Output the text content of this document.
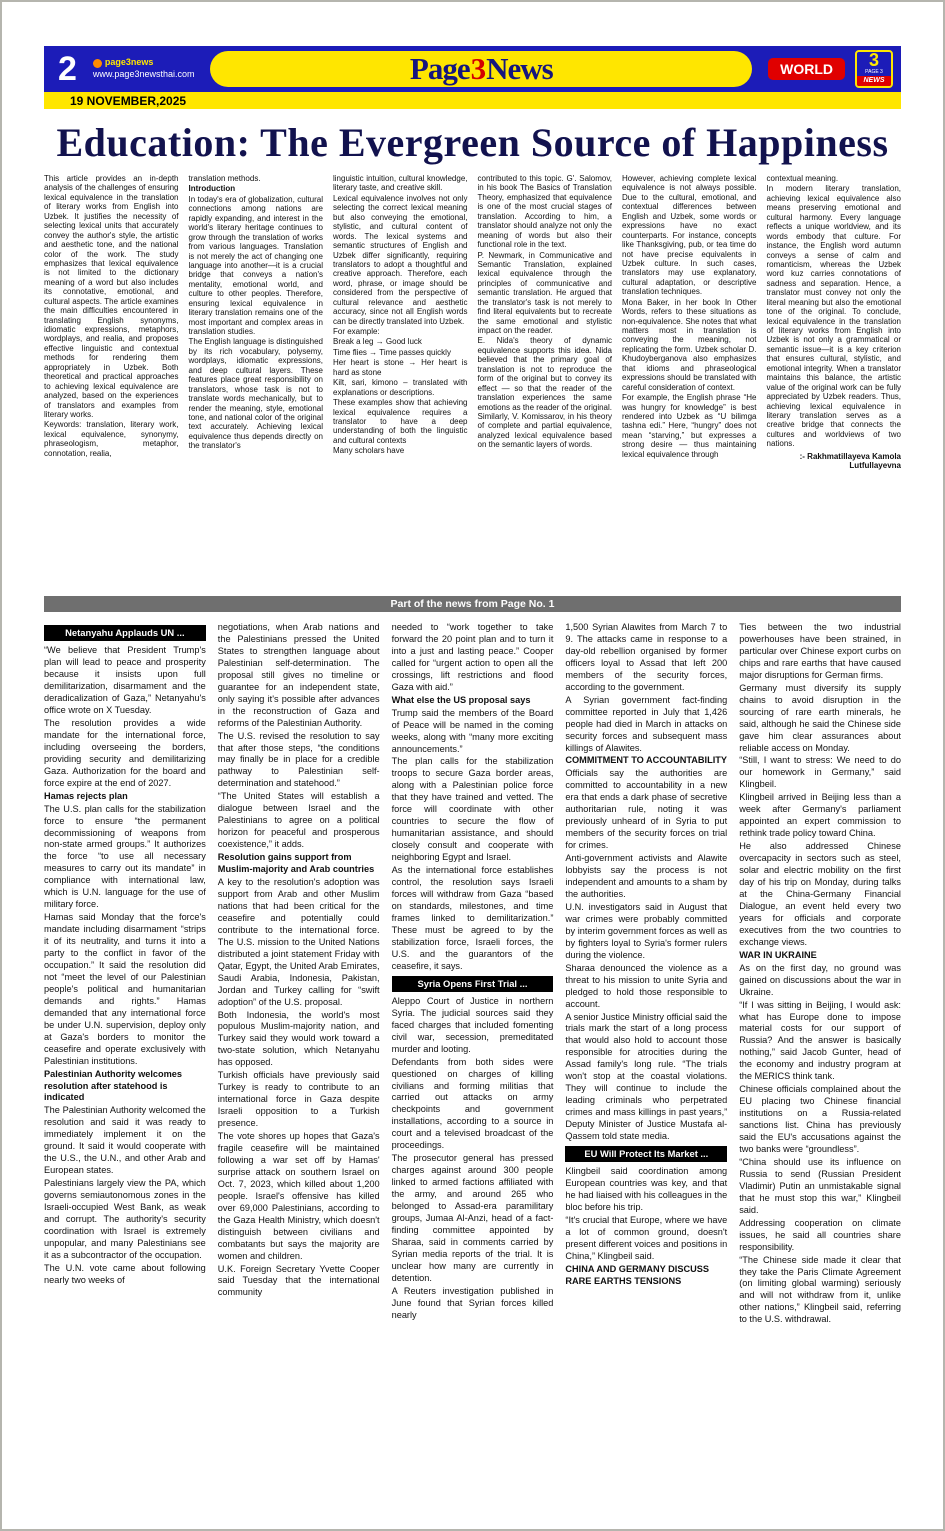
2	page3news
www.page3newsthai.com	Page 3 News	WORLD	3
PAGE 3
NEWS
19 NOVEMBER,2025
Education: The Evergreen Source of Happiness
This article provides an in-depth analysis of the challenges of ensuring lexical equivalence in the translation of literary works from English into Uzbek. It justifies the necessity of selecting lexical units that accurately convey the author's style, the artistic and aesthetic tone, and the national color of the work. The study emphasizes that lexical equivalence is not limited to the dictionary meaning of a word but also includes its connotative, emotional, and cultural aspects. The article examines the main difficulties encountered in translating English synonyms, idiomatic expressions, metaphors, wordplays, and realia, and proposes effective linguistic and contextual methods for rendering them appropriately in Uzbek. Both theoretical and practical approaches to achieving lexical equivalence are analyzed, based on the experiences of translators and examples from literary works.
Keywords: translation, literary work, lexical equivalence, synonymy, phraseologism, metaphor, connotation, realia,
translation methods.
Introduction
In today's era of globalization, cultural connections among nations are rapidly expanding, and interest in the world's literary heritage continues to grow through the translation of works from various languages. Translation is not merely the act of changing one language into another—it is a crucial bridge that conveys a nation's mentality, emotional world, and culture to other peoples. Therefore, ensuring lexical equivalence in literary translation remains one of the most important and complex areas in translation studies.
The English language is distinguished by its rich vocabulary, polysemy, wordplays, idiomatic expressions, and deep cultural layers. These features place great responsibility on translators, whose task is not to translate words mechanically, but to render the meaning, style, emotional tone, and national color of the original text accurately. Achieving lexical equivalence thus depends directly on the translator's
linguistic intuition, cultural knowledge, literary taste, and creative skill.
Lexical equivalence involves not only selecting the correct lexical meaning but also conveying the emotional, stylistic, and cultural content of words. The lexical systems and semantic structures of English and Uzbek differ significantly, requiring translators to adopt a thoughtful and creative approach. Therefore, each word, phrase, or image should be considered from the perspective of cultural relevance and aesthetic accuracy, since not all English words can be directly translated into Uzbek.
For example:
Break a leg → Good luck
Time flies → Time passes quickly
Her heart is stone → Her heart is hard as stone
Kilt, sari, kimono – translated with explanations or descriptions.
These examples show that achieving lexical equivalence requires a translator to have a deep understanding of both the linguistic and cultural contexts
Many scholars have
contributed to this topic. G'. Salomov, in his book The Basics of Translation Theory, emphasized that equivalence is one of the most crucial stages of translation. According to him, a translator should analyze not only the meaning of words but also their functional role in the text.
P. Newmark, in Communicative and Semantic Translation, explained lexical equivalence through the principles of communicative and semantic translation. He argued that the translator's task is not merely to find literal equivalents but to recreate the same emotional and stylistic impact on the reader.
E. Nida's theory of dynamic equivalence supports this idea. Nida believed that the primary goal of translation is not to reproduce the form of the original but to convey its effect — so that the reader of the translation experiences the same emotions as the reader of the original. Similarly, V. Komissarov, in his theory of complete and partial equivalence, analyzed lexical equivalence based on the semantic layers of words.
However, achieving complete lexical equivalence is not always possible. Due to the cultural, emotional, and contextual differences between English and Uzbek, some words or expressions have no exact counterparts. For instance, concepts like Thanksgiving, pub, or tea time do not have precise equivalents in Uzbek culture. In such cases, translators may use explanatory, cultural adaptation, or descriptive translation techniques.
Mona Baker, in her book In Other Words, refers to these situations as non-equivalence. She notes that what matters most in translation is conveying the meaning, not replicating the form. Uzbek scholar D. Khudoyberganova also emphasizes that idioms and phraseological expressions should be translated with careful consideration of context.
For example, the English phrase “He was hungry for knowledge” is best rendered into Uzbek as “U bilimga tashna edi.” Here, “hungry” does not mean “starving,” but expresses a strong desire — thus maintaining lexical equivalence through
contextual meaning.
In modern literary translation, achieving lexical equivalence also means preserving emotional and cultural harmony. Every language reflects a unique worldview, and its words embody that culture. For instance, the English word autumn conveys a sense of calm and romanticism, whereas the Uzbek word kuz carries connotations of sadness and separation. Hence, a translator must convey not only the literal meaning but also the emotional tone of the original. To conclude, lexical equivalence in the translation of literary works from English into Uzbek is not only a grammatical or semantic issue—it is a key criterion that ensures cultural, stylistic, and emotional integrity. When a translator maintains this balance, the artistic value of the original work can be fully appreciated by Uzbek readers. Thus, achieving lexical equivalence in literary translation serves as a creative bridge that connects the cultures and worldviews of two nations.
:- Rakhmatillayeva Kamola Lutfullayevna
Part of the news from Page No. 1
Netanyahu Applauds UN ...
“We believe that President Trump's plan will lead to peace and prosperity because it insists upon full demilitarization, disarmament and the deradicalization of Gaza,” Netanyahu's office wrote on X Tuesday.
The resolution provides a wide mandate for the international force, including overseeing the borders, providing security and demilitarizing Gaza. Authorization for the board and force expire at the end of 2027.
Hamas rejects plan
The U.S. plan calls for the stabilization force to ensure “the permanent decommissioning of weapons from non-state armed groups.” It authorizes the force “to use all necessary measures to carry out its mandate” in compliance with international law, which is U.N. language for the use of military force.
Hamas said Monday that the force's mandate including disarmament “strips it of its neutrality, and turns it into a party to the conflict in favor of the occupation.” It said the resolution did not “meet the level of our Palestinian people's political and humanitarian demands and rights.” Hamas demanded that any international force be under U.N. supervision, deploy only at Gaza's borders to monitor the ceasefire and operate exclusively with Palestinian institutions.
Palestinian Authority welcomes resolution after statehood is indicated
The Palestinian Authority welcomed the resolution and said it was ready to immediately implement it on the ground. It said it would cooperate with the U.S., the U.N., and other Arab and European states.
Palestinians largely view the PA, which governs semiautonomous zones in the Israeli-occupied West Bank, as weak and corrupt. The authority's security coordination with Israel is extremely unpopular, and many Palestinians see it as a subcontractor of the occupation.
The U.N. vote came about following nearly two weeks of
negotiations, when Arab nations and the Palestinians pressed the United States to strengthen language about Palestinian self-determination. The proposal still gives no timeline or guarantee for an independent state, only saying it's possible after advances in the reconstruction of Gaza and reforms of the Palestinian Authority.
The U.S. revised the resolution to say that after those steps, “the conditions may finally be in place for a credible pathway to Palestinian self-determination and statehood.”
“The United States will establish a dialogue between Israel and the Palestinians to agree on a political horizon for peaceful and prosperous coexistence,” it adds.
Resolution gains support from Muslim-majority and Arab countries
A key to the resolution's adoption was support from Arab and other Muslim nations that had been critical for the ceasefire and potentially could contribute to the international force. The U.S. mission to the United Nations distributed a joint statement Friday with Qatar, Egypt, the United Arab Emirates, Saudi Arabia, Indonesia, Pakistan, Jordan and Turkey calling for “swift adoption” of the U.S. proposal.
Both Indonesia, the world's most populous Muslim-majority nation, and Turkey said they would work toward a two-state solution, which Netanyahu has opposed.
Turkish officials have previously said Turkey is ready to contribute to an international force in Gaza despite Israeli opposition to a Turkish presence.
The vote shores up hopes that Gaza's fragile ceasefire will be maintained following a war set off by Hamas' surprise attack on southern Israel on Oct. 7, 2023, which killed about 1,200 people. Israel's offensive has killed over 69,000 Palestinians, according to the Gaza Health Ministry, which doesn't distinguish between civilians and combatants but says the majority are women and children.
U.K. Foreign Secretary Yvette Cooper said Tuesday that the international community
needed to “work together to take forward the 20 point plan and to turn it into a just and lasting peace.” Cooper called for “urgent action to open all the crossings, lift restrictions and flood Gaza with aid.”
What else the US proposal says
Trump said the members of the Board of Peace will be named in the coming weeks, along with “many more exciting announcements.”
The plan calls for the stabilization troops to secure Gaza border areas, along with a Palestinian police force that they have trained and vetted. The force will coordinate with other countries to secure the flow of humanitarian assistance, and should closely consult and cooperate with neighboring Egypt and Israel.
As the international force establishes control, the resolution says Israeli forces will withdraw from Gaza “based on standards, milestones, and time frames linked to demilitarization.” These must be agreed to by the stabilization force, Israeli forces, the U.S. and the guarantors of the ceasefire, it says.
Syria Opens First Trial ...
Aleppo Court of Justice in northern Syria. The judicial sources said they faced charges that included fomenting civil war, secession, premeditated murder and looting.
Defendants from both sides were questioned on charges of killing civilians and forming militias that carried out attacks on army checkpoints and government installations, according to a source in court and a televised broadcast of the proceedings.
The prosecutor general has pressed charges against around 300 people linked to armed factions affiliated with the army, and around 265 who belonged to Assad-era paramilitary groups, Jumaa Al-Anzi, head of a fact-finding committee appointed by Sharaa, said in comments carried by Syrian media reports of the trial. It is unclear how many are currently in detention.
A Reuters investigation published in June found that Syrian forces killed nearly
1,500 Syrian Alawites from March 7 to 9. The attacks came in response to a day-old rebellion organised by former officers loyal to Assad that left 200 members of the security forces, according to the government.
A Syrian government fact-finding committee reported in July that 1,426 people had died in March in attacks on security forces and subsequent mass killings of Alawites.
COMMITMENT TO ACCOUNTABILITY
Officials say the authorities are committed to accountability in a new era that ends a dark phase of secretive authoritarian rule, noting it was previously unheard of in Syria to put members of the security forces on trial for crimes.
Anti-government activists and Alawite lobbyists say the process is not independent and amounts to a sham by the authorities.
U.N. investigators said in August that war crimes were probably committed by interim government forces as well as by fighters loyal to Syria's former rulers during the violence.
Sharaa denounced the violence as a threat to his mission to unite Syria and pledged to hold those responsible to account.
A senior Justice Ministry official said the trials mark the start of a long process that would also hold to account those responsible for atrocities during the Assad family's long rule. “The trials won't stop at the coastal violations. They will continue to include the leading criminals who perpetrated crimes and mass killings in past years,” Deputy Minister of Justice Mustafa al-Qassem told state media.
EU Will Protect Its Market ...
Klingbeil said coordination among European countries was key, and that he had liaised with his colleagues in the bloc before his trip.
“It's crucial that Europe, where we have a lot of common ground, doesn't present different voices and positions in China,” Klingbeil said.
CHINA AND GERMANY DISCUSS RARE EARTHS TENSIONS
Ties between the two industrial powerhouses have been strained, in particular over Chinese export curbs on chips and rare earths that have caused major disruptions for German firms.
Germany must diversify its supply chains to avoid disruption in the sourcing of rare earth minerals, he said, although he said the Chinese side gave him clear assurances about reliable access on Monday.
“Still, I want to stress: We need to do our homework in Germany,” said Klingbeil.
Klingbeil arrived in Beijing less than a week after Germany's parliament appointed an expert commission to rethink trade policy toward China.
He also addressed Chinese overcapacity in sectors such as steel, solar and electric mobility on the first day of his trip on Monday, during talks at the China-Germany Financial Dialogue, an event held every two years for officials and corporate executives from the two countries to exchange views.
WAR IN UKRAINE
As on the first day, no ground was gained on discussions about the war in Ukraine.
“If I was sitting in Beijing, I would ask: what has Europe done to impose material costs for our support of Russia? And the answer is basically nothing,” said Jacob Gunter, head of the economy and industry program at the MERICS think tank.
Chinese officials complained about the EU placing two Chinese financial institutions on a Russia-related sanctions list. China has previously said the EU's accusations against the two banks were “groundless”.
“China should use its influence on Russia to send (Russian President Vladimir) Putin an unmistakable signal that he must stop this war,” Klingbeil said.
Addressing cooperation on climate issues, he said all countries share responsibility.
“The Chinese side made it clear that they take the Paris Climate Agreement (on limiting global warming) seriously and will not withdraw from it, unlike other nations,” Klingbeil said, referring to the U.S. withdrawal.
